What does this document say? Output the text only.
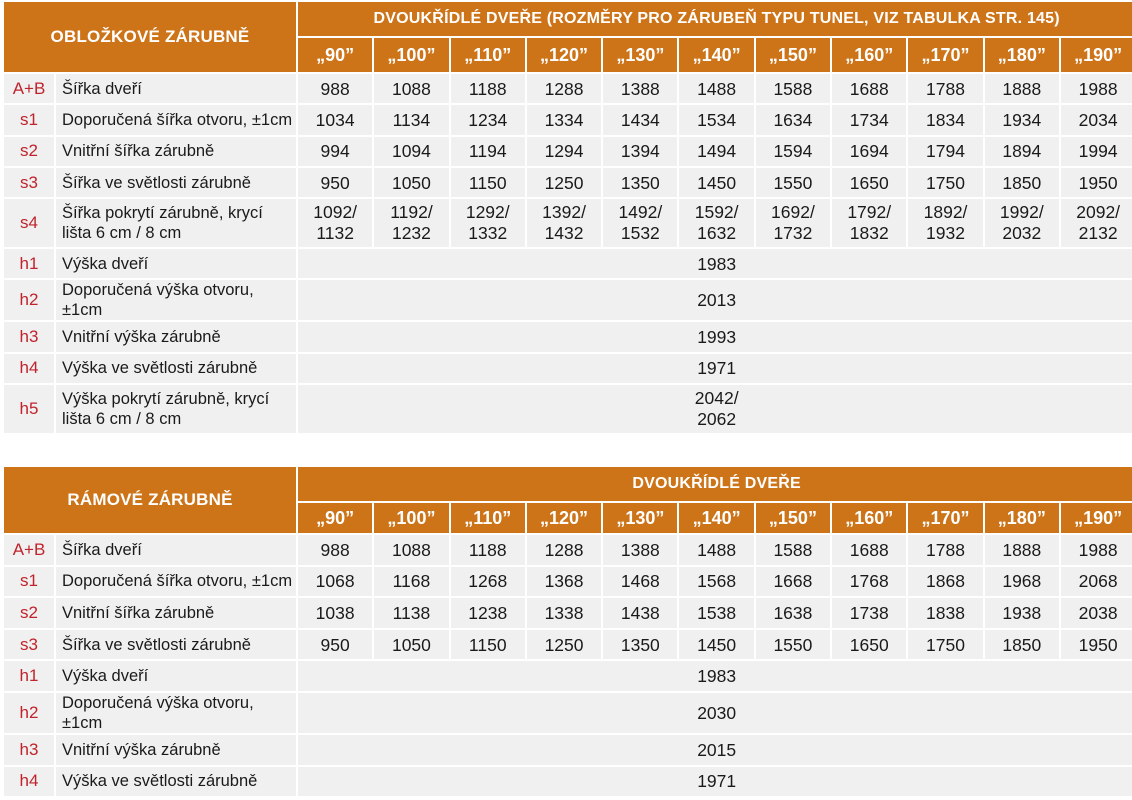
OBLOŽKOVÉ ZÁRUBNĚ		DVOUKŘÍDLÉ DVEŘE (ROZMĚRY PRO ZÁRUBEŇ TYPU TUNEL, VIZ TABULKA STR. 145)										
		„90”	„100”	„110”	„120”	„130”	„140”	„150”	„160”	„170”	„180”	„190”
A+B	Šířka dveří	988	1088	1188	1288	1388	1488	1588	1688	1788	1888	1988
s1	Doporučená šířka otvoru, ±1cm	1034	1134	1234	1334	1434	1534	1634	1734	1834	1934	2034
s2	Vnitřní šířka zárubně	994	1094	1194	1294	1394	1494	1594	1694	1794	1894	1994
s3	Šířka ve světlosti zárubně	950	1050	1150	1250	1350	1450	1550	1650	1750	1850	1950
s4	Šířka pokrytí zárubně, krycí lišta 6 cm / 8 cm	1092/ 1132	1192/ 1232	1292/ 1332	1392/ 1432	1492/ 1532	1592/ 1632	1692/ 1732	1792/ 1832	1892/ 1932	1992/ 2032	2092/ 2132
h1	Výška dveří	1983										
h2	Doporučená výška otvoru, ±1cm	2013										
h3	Vnitřní výška zárubně	1993										
h4	Výška ve světlosti zárubně	1971										
h5	Výška pokrytí zárubně, krycí lišta 6 cm / 8 cm	2042/
2062										
RÁMOVÉ ZÁRUBNĚ		DVOUKŘÍDLÉ DVEŘE										
		„90”	„100”	„110”	„120”	„130”	„140”	„150”	„160”	„170”	„180”	„190”
A+B	Šířka dveří	988	1088	1188	1288	1388	1488	1588	1688	1788	1888	1988
s1	Doporučená šířka otvoru, ±1cm	1068	1168	1268	1368	1468	1568	1668	1768	1868	1968	2068
s2	Vnitřní šířka zárubně	1038	1138	1238	1338	1438	1538	1638	1738	1838	1938	2038
s3	Šířka ve světlosti zárubně	950	1050	1150	1250	1350	1450	1550	1650	1750	1850	1950
h1	Výška dveří	1983										
h2	Doporučená výška otvoru, ±1cm	2030										
h3	Vnitřní výška zárubně	2015										
h4	Výška ve světlosti zárubně	1971										
